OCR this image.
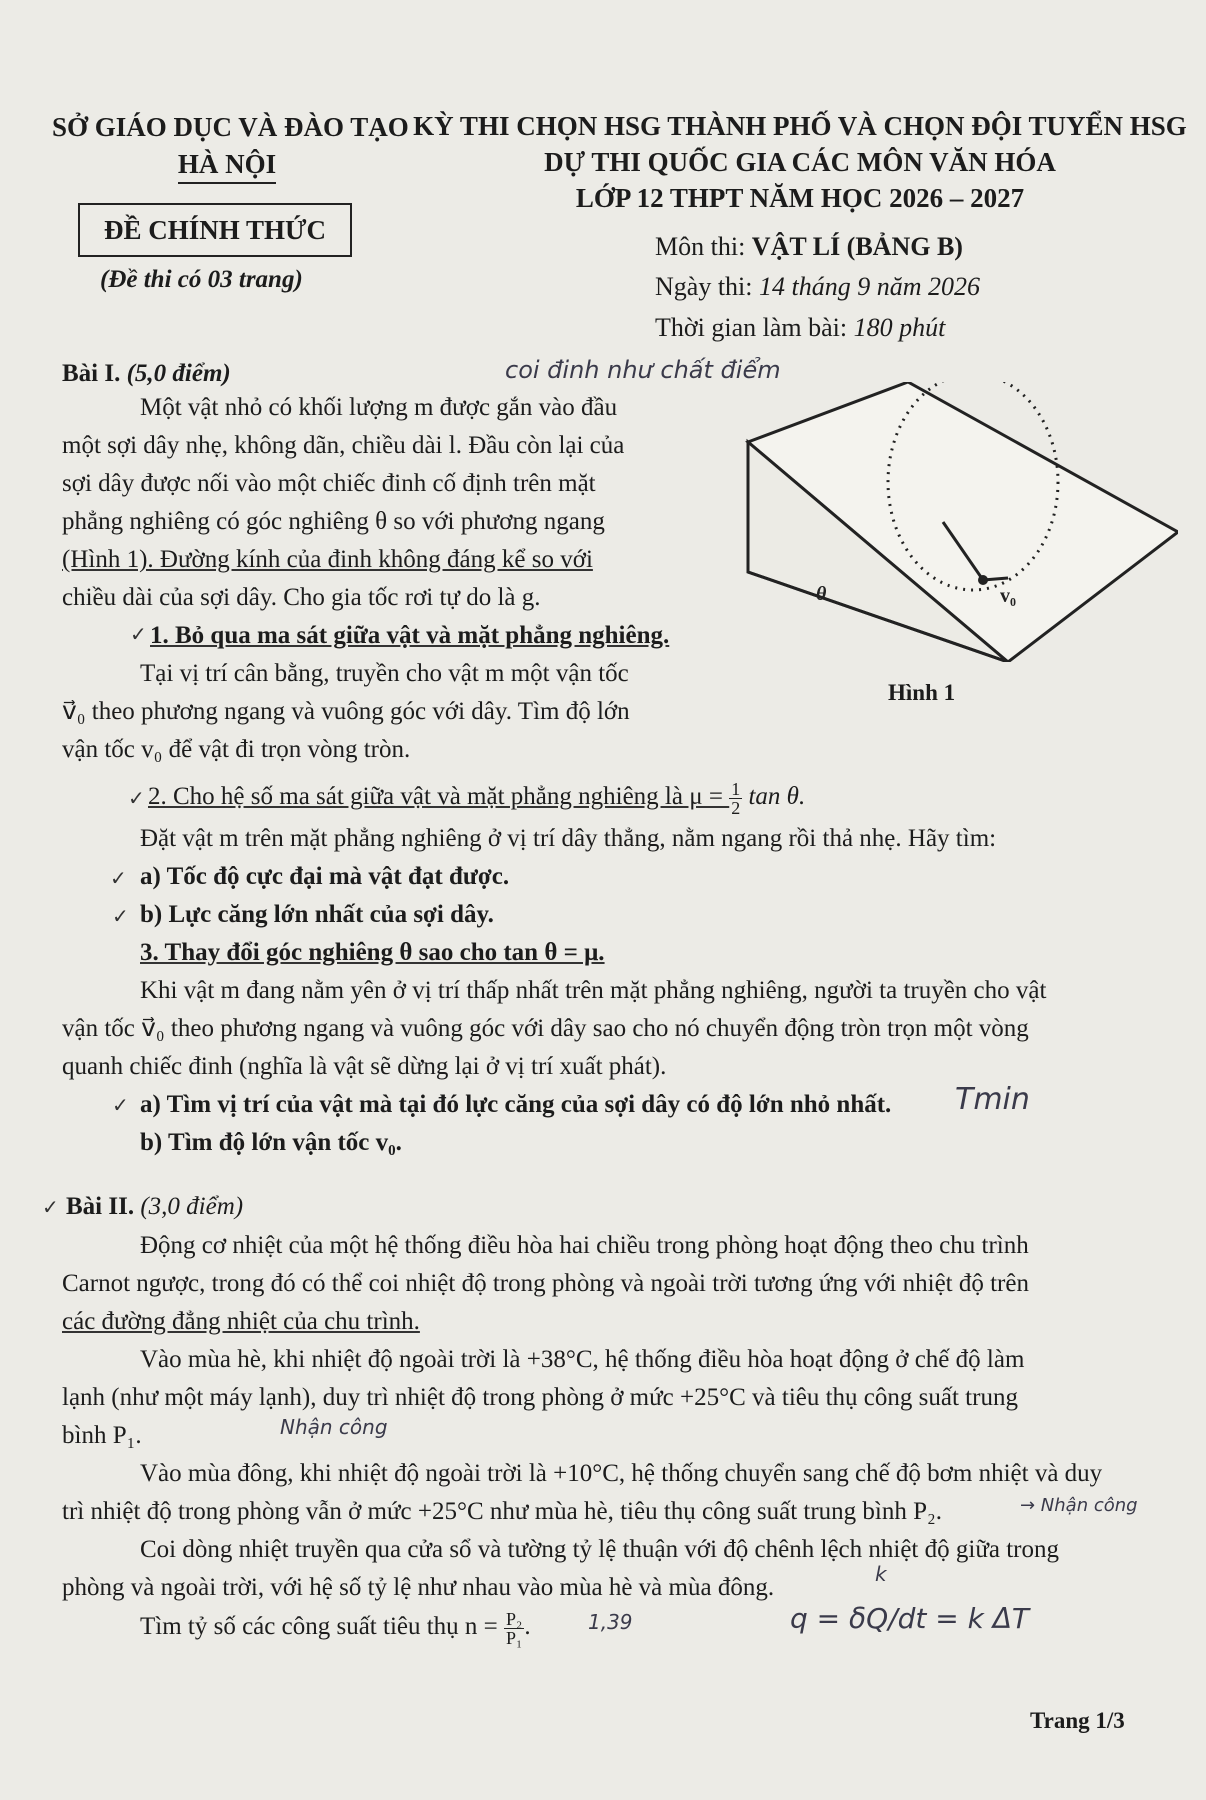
SỞ GIÁO DỤC VÀ ĐÀO TẠO
HÀ NỘI
ĐỀ CHÍNH THỨC
(Đề thi có 03 trang)
KỲ THI CHỌN HSG THÀNH PHỐ VÀ CHỌN ĐỘI TUYỂN HSG
DỰ THI QUỐC GIA CÁC MÔN VĂN HÓA
LỚP 12 THPT NĂM HỌC 2026 – 2027
Môn thi: VẬT LÍ (BẢNG B)
Ngày thi: 14 tháng 9 năm 2026
Thời gian làm bài: 180 phút

Bài I. (5,0 điểm)	coi đinh như chất điểm

Một vật nhỏ có khối lượng m được gắn vào đầu

một sợi dây nhẹ, không dãn, chiều dài l. Đầu còn lại của

sợi dây được nối vào một chiếc đinh cố định trên mặt

phẳng nghiêng có góc nghiêng θ so với phương ngang

(Hình 1). Đường kính của đinh không đáng kể so với

chiều dài của sợi dây. Cho gia tốc rơi tự do là g.

✓ 1. Bỏ qua ma sát giữa vật và mặt phẳng nghiêng.

Tại vị trí cân bằng, truyền cho vật m một vận tốc

v⃗₀ theo phương ngang và vuông góc với dây. Tìm độ lớn

vận tốc v₀ để vật đi trọn vòng tròn.

θ	v₀
Hình 1
✓ 2. Cho hệ số ma sát giữa vật và mặt phẳng nghiêng là $\mu = \frac{1}{2}$ tan θ.

Đặt vật m trên mặt phẳng nghiêng ở vị trí dây thẳng, nằm ngang rồi thả nhẹ. Hãy tìm:

✓ a) Tốc độ cực đại mà vật đạt được.

✓ b) Lực căng lớn nhất của sợi dây.

3. Thay đổi góc nghiêng θ sao cho tan θ = μ.

Khi vật m đang nằm yên ở vị trí thấp nhất trên mặt phẳng nghiêng, người ta truyền cho vật

vận tốc v⃗₀ theo phương ngang và vuông góc với dây sao cho nó chuyển động tròn trọn một vòng

quanh chiếc đinh (nghĩa là vật sẽ dừng lại ở vị trí xuất phát).

✓ a) Tìm vị trí của vật mà tại đó lực căng của sợi dây có độ lớn nhỏ nhất. Tmin

b) Tìm độ lớn vận tốc v₀.

✓ Bài II. (3,0 điểm)

Động cơ nhiệt của một hệ thống điều hòa hai chiều trong phòng hoạt động theo chu trình

Carnot ngược, trong đó có thể coi nhiệt độ trong phòng và ngoài trời tương ứng với nhiệt độ trên

các đường đẳng nhiệt của chu trình.

Vào mùa hè, khi nhiệt độ ngoài trời là +38°C, hệ thống điều hòa hoạt động ở chế độ làm

lạnh (như một máy lạnh), duy trì nhiệt độ trong phòng ở mức +25°C và tiêu thụ công suất trung

bình P₁.	Nhận công

Vào mùa đông, khi nhiệt độ ngoài trời là +10°C, hệ thống chuyển sang chế độ bơm nhiệt và duy

trì nhiệt độ trong phòng vẫn ở mức +25°C như mùa hè, tiêu thụ công suất trung bình P₂.	→ Nhận công

Coi dòng nhiệt truyền qua cửa sổ và tường tỷ lệ thuận với độ chênh lệch nhiệt độ giữa trong

phòng và ngoài trời, với hệ số tỷ lệ như nhau vào mùa hè và mùa đông.	k

Tìm tỷ số các công suất tiêu thụ $n = \frac{\text{P₂}}{\text{P₁}}$ .	1,39	q = δQ/dt = k ΔT
Trang 1/3
